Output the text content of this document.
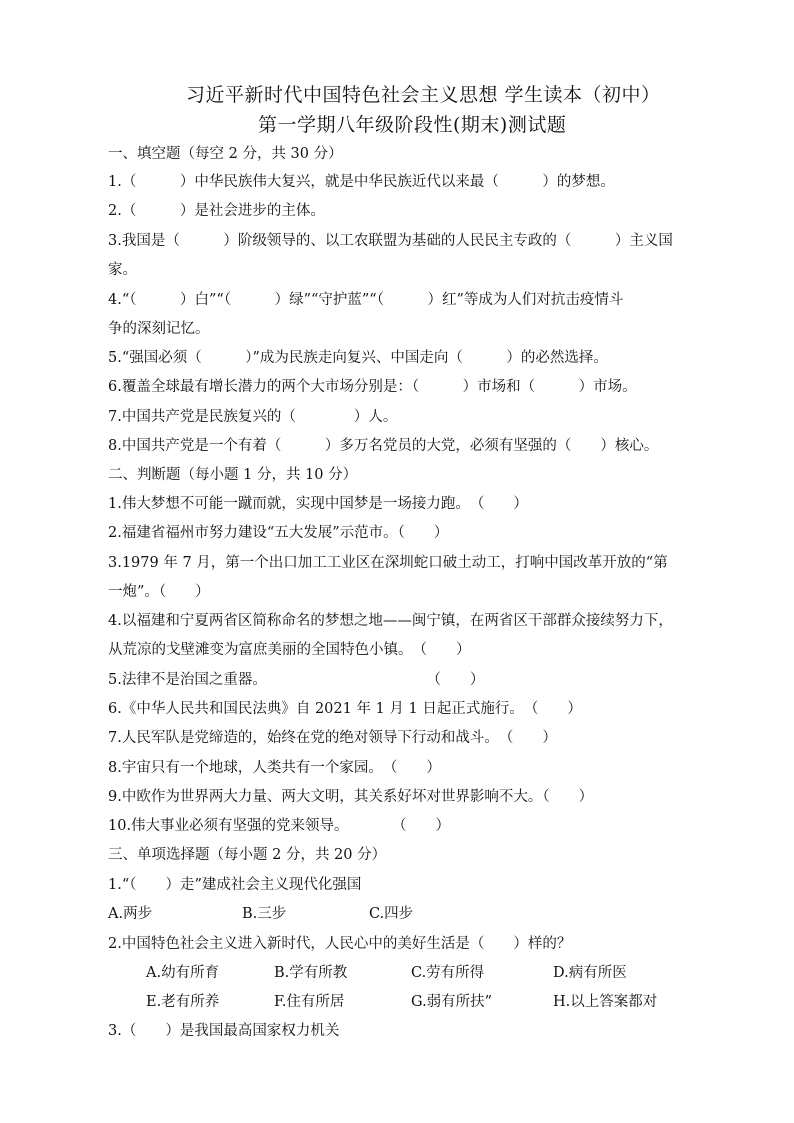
习近平新时代中国特色社会主义思想 学生读本（初中）
第一学期八年级阶段性(期末)测试题
一、填空题（每空 2 分，共 30 分）
1.（　　　）中华民族伟大复兴，就是中华民族近代以来最（　　　）的梦想。
2.（　　　）是社会进步的主体。
3.我国是（　　　）阶级领导的、以工农联盟为基础的人民民主专政的（　　　）主义国
家。
4.“（　　　）白”“（　　　）绿”“守护蓝”“（　　　）红”等成为人们对抗击疫情斗
争的深刻记忆。
5.“强国必须（　　　）”成为民族走向复兴、中国走向（　　　）的必然选择。
6.覆盖全球最有增长潜力的两个大市场分别是：（　　　）市场和（　　　）市场。
7.中国共产党是民族复兴的（　　　　）人。
8.中国共产党是一个有着（　　　）多万名党员的大党，必须有坚强的（　　）核心。
二、判断题（每小题 1 分，共 10 分）
1.伟大梦想不可能一蹴而就，实现中国梦是一场接力跑。　（　　）
2.福建省福州市努力建设“五大发展”示范市。（　　）
3.1979 年 7 月，第一个出口加工工业区在深圳蛇口破土动工，打响中国改革开放的“第
一炮”。（　　）
4.以福建和宁夏两省区简称命名的梦想之地——闽宁镇，在两省区干部群众接续努力下，
从荒凉的戈壁滩变为富庶美丽的全国特色小镇。　（　　）
5.法律不是治国之重器。　　　　　　　　　　　　（　　）
6.《中华人民共和国民法典》自 2021 年 1 月 1 日起正式施行。　（　　）
7.人民军队是党缔造的，始终在党的绝对领导下行动和战斗。　（　　）
8.宇宙只有一个地球，人类共有一个家园。　（　　）
9.中欧作为世界两大力量、两大文明，其关系好坏对世界影响不大。（　　）
10.伟大事业必须有坚强的党来领导。　　　　（　　）
三、单项选择题（每小题 2 分，共 20 分）
1.“（　　）走”建成社会主义现代化强国
A.两步	B.三步	C.四步
2.中国特色社会主义进入新时代，人民心中的美好生活是（　　）样的？
A.幼有所育	B.学有所教	C.劳有所得	D.病有所医
E.老有所养	F.住有所居	G.弱有所扶”	H.以上答案都对
3.（　　）是我国最高国家权力机关
